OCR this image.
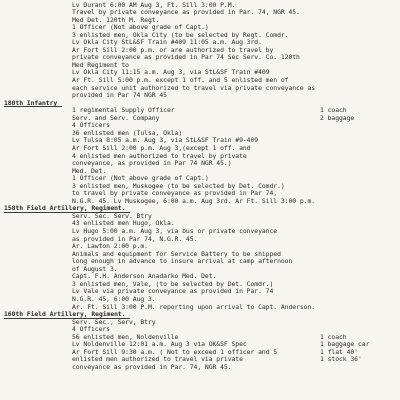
Lv Durant 6:00 AM Aug 3, Ft. Sill 3:00 P.M.
Travel by private conveyance as provided in Par. 74, NGR 45.
Med Det. 120th M. Regt.
1 Officer (Not above grade of Capt.)
3 enlisted men, Okla City (to be selected by Regt. Comdr.
Lv Okla City StL&SF Train #409 11:05 a.m. Aug 3rd.
Ar Fort Sill 2:00 p.m. or are authorized to travel by
private conveyance as provided in Par 74 Sec Serv. Co. 120th
Med Regiment to
Lv Okla City 11:15 a.m. Aug 3, via StL&SF Train #409
Ar Ft. Sill 5:00 p.m. except 1 off. and 5 enlisted men of
each service unit authorized to travel via private conveyance as
provided in Par 74 NGR 45
180th Infantry
1 regimental Supply Officer
Serv. and Serv. Company
4 Officers
36 enlisted men (Tulsa, Okla)
Lv Tulsa 8:05 a.m. Aug 3, via StL&SF Train #9-409
Ar Fort Sill 2:00 p.m. Aug 3,(except 1 off. and
4 enlisted men authorized to travel by private
conveyance, as provided in Par 74 NGR 45.)
Med. Det.
1 Officer (Not above grade of Capt.)
3 enlisted men, Muskogee (to be selected by Det. Comdr.)
to travel by private conveyance as provided in Par 74,
N.G.R. 45. Lv Muskogee, 6:00 a.m. Aug 3rd. Ar Ft. Sill 3:00 p.m.
158th Field Artillery, Regiment.
Serv. Sec. Serv. Btry
43 enlisted men Hugo, Okla.
Lv Hugo 5:00 a.m. Aug 3, via bus or private conveyance
as provided in Par 74, N.G.R. 45.
Ar. Lawton 2:00 p.m.
Animals and equipment for Service Battery to be shipped
long enough in advance to insure arrival at camp afternoon
of August 3.
Capt. F.H. Anderson Anadarko Med. Det.
3 enlisted men, Vale, (to be selected by Det. Comdr.)
Lv Vale via private conveyance as provided in Par. 74
N.G.R. 45, 6:00 Aug 3.
Ar. Ft. Sill 3:00 P.M. reporting upon arrival to Capt. Anderson.
160th Field Artillery, Regiment.
Serv. Sec., Serv, Btry
4 Officers
56 enlisted men, Noldenville
Lv Noldenville 12:01 a.m. Aug 3 via OK&SF Spec
Ar Fort Sill 9:30 a.m. ( Not to exceed 1 officer and 5
enlisted men authorized to travel via private
conveyance as provided in Par. 74, NGR 45.
1 coach
2 baggage
1 coach
1 baggage car
1 flat 40'
1 stock 36'
